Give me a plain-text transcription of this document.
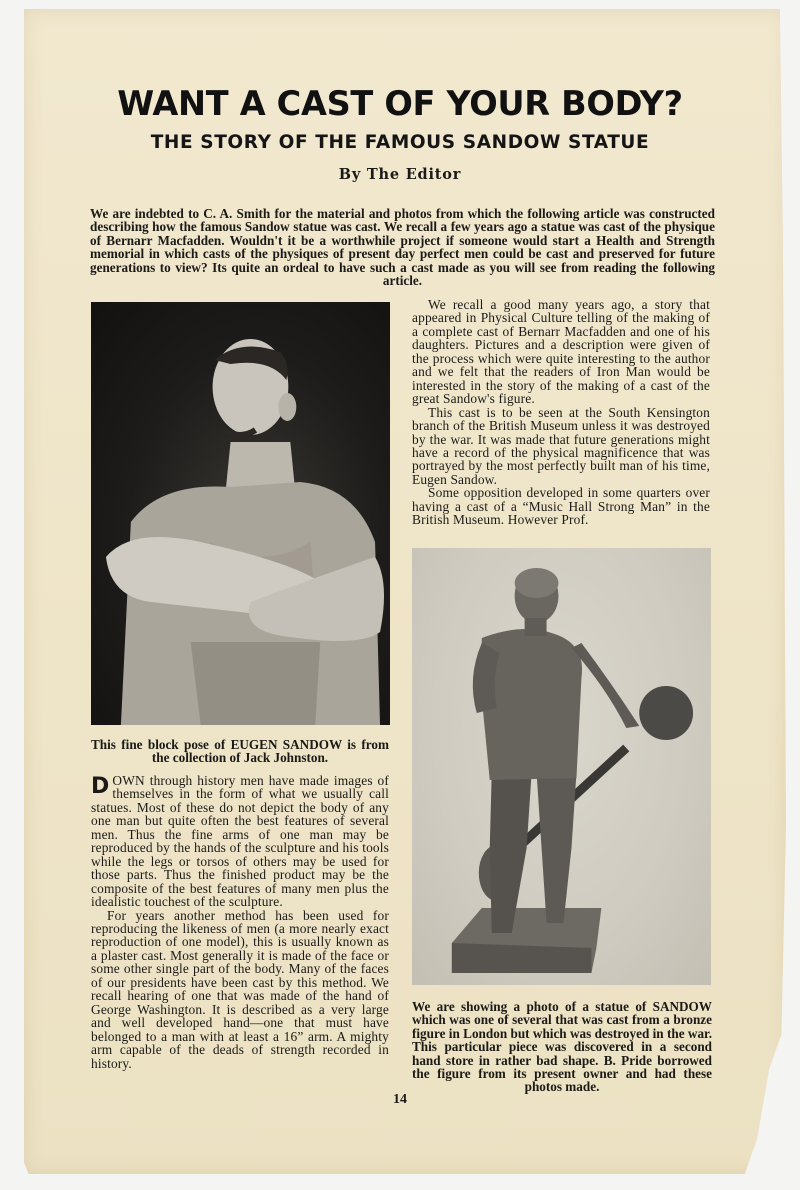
WANT A CAST OF YOUR BODY?
THE STORY OF THE FAMOUS SANDOW STATUE
By The Editor
We are indebted to C. A. Smith for the material and photos from which the following article was constructed describing how the famous Sandow statue was cast. We recall a few years ago a statue was cast of the physique of Bernarr Macfadden. Wouldn't it be a worthwhile project if someone would start a Health and Strength memorial in which casts of the physiques of present day perfect men could be cast and preserved for future generations to view? Its quite an ordeal to have such a cast made as you will see from reading the following article.
This fine block pose of EUGEN SANDOW is from the collection of Jack Johnston.

We recall a good many years ago, a story that appeared in Physical Culture telling of the making of a complete cast of Bernarr Macfadden and one of his daughters. Pictures and a description were given of the process which were quite interesting to the author and we felt that the readers of Iron Man would be interested in the story of the making of a cast of the great Sandow's figure.

This cast is to be seen at the South Kensington branch of the British Museum unless it was destroyed by the war. It was made that future generations might have a record of the physical magnificence that was portrayed by the most perfectly built man of his time, Eugen Sandow.

Some opposition developed in some quarters over having a cast of a “Music Hall Strong Man” in the British Museum. However Prof.

We are showing a photo of a statue of SANDOW which was one of several that was cast from a bronze figure in London but which was destroyed in the war. This particular piece was discovered in a second hand store in rather bad shape. B. Pride borrowed the figure from its present owner and had these photos made.

DOWN through history men have made images of themselves in the form of what we usually call statues. Most of these do not depict the body of any one man but quite often the best features of several men. Thus the fine arms of one man may be reproduced by the hands of the sculpture and his tools while the legs or torsos of others may be used for those parts. Thus the finished product may be the composite of the best features of many men plus the idealistic touchest of the sculpture.

For years another method has been used for reproducing the likeness of men (a more nearly exact reproduction of one model), this is usually known as a plaster cast. Most generally it is made of the face or some other single part of the body. Many of the faces of our presidents have been cast by this method. We recall hearing of one that was made of the hand of George Washington. It is described as a very large and well developed hand—one that must have belonged to a man with at least a 16” arm. A mighty arm capable of the deads of strength recorded in history.

14
